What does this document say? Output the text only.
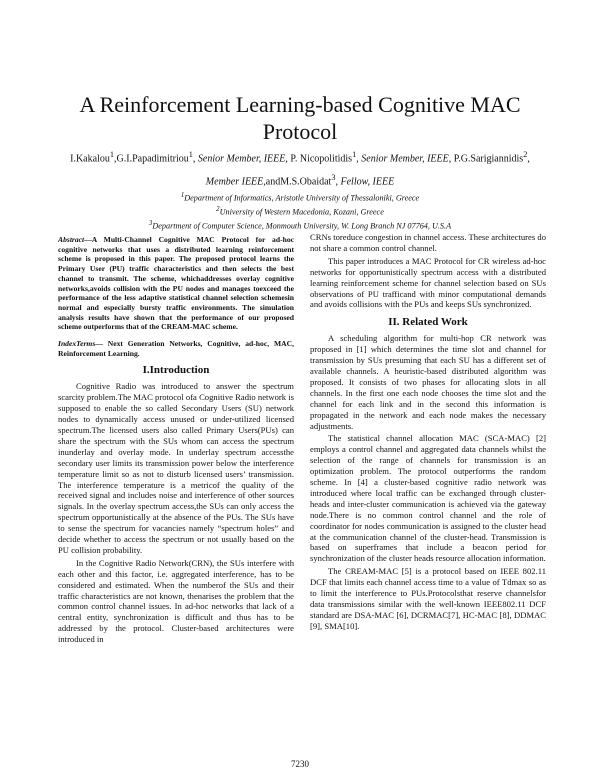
A Reinforcement Learning-based Cognitive MAC Protocol
I.Kakalou$^1$,G.I.Papadimitriou$^1$, Senior Member, IEEE, P. Nicopolitidis$^1$, Senior Member, IEEE, P.G.Sarigiannidis$^2$,
Member IEEE,andM.S.Obaidat$^3$, Fellow, IEEE
$^1$Department of Informatics, Aristotle University of Thessaloniki, Greece
$^2$University of Western Macedonia, Kozani, Greece
$^3$Department of Computer Science, Monmouth University, W. Long Branch NJ 07764, U.S.A

Abstract—A Multi-Channel Cognitive MAC Protocol for ad-hoc cognitive networks that uses a distributed learning reinforcement scheme is proposed in this paper. The proposed protocol learns the Primary User (PU) traffic characteristics and then selects the best channel to transmit. The scheme, whichaddresses overlay cognitive networks,avoids collision with the PU nodes and manages toexceed the performance of the less adaptive statistical channel selection schemesin normal and especially bursty traffic environments. The simulation analysis results have shown that the performance of our proposed scheme outperforms that of the CREAM-MAC scheme.

IndexTerms— Next Generation Networks, Cognitive, ad-hoc, MAC, Reinforcement Learning.

I.Introduction

Cognitive Radio was introduced to answer the spectrum scarcity problem.The MAC protocol ofa Cognitive Radio network is supposed to enable the so called Secondary Users (SU) network nodes to dynamically access unused or under-utilized licensed spectrum.The licensed users also called Primary Users(PUs) can share the spectrum with the SUs whom can access the spectrum inunderlay and overlay mode. In underlay spectrum accessthe secondary user limits its transmission power below the interference temperature limit so as not to disturb licensed users’ transmission. The interference temperature is a metricof the quality of the received signal and includes noise and interference of other sources signals. In the overlay spectrum access,the SUs can only access the spectrum opportunistically at the absence of the PUs. The SUs have to sense the spectrum for vacancies namely “spectrum holes” and decide whether to access the spectrum or not usually based on the PU collision probability.

In the Cognitive Radio Network(CRN), the SUs interfere with each other and this factor, i.e. aggregated interference, has to be considered and estimated. When the numberof the SUs and their traffic characteristics are not known, thenarises the problem that the common control channel issues. In ad-hoc networks that lack of a central entity, synchronization is difficult and thus has to be addressed by the protocol. Cluster-based architectures were introduced in

CRNs toreduce congestion in channel access. These architectures do not share a common control channel.

This paper introduces a MAC Protocol for CR wireless ad-hoc networks for opportunistically spectrum access with a distributed learning reinforcement scheme for channel selection based on SUs observations of PU trafficand with minor computational demands and avoids collisions with the PUs and keeps SUs synchronized.

II. Related Work

A scheduling algorithm for multi-hop CR network was proposed in [1] which determines the time slot and channel for transmission by SUs presuming that each SU has a different set of available channels. A heuristic-based distributed algorithm was proposed. It consists of two phases for allocating slots in all channels. In the first one each node chooses the time slot and the channel for each link and in the second this information is propagated in the network and each node makes the necessary adjustments.

The statistical channel allocation MAC (SCA-MAC) [2] employs a control channel and aggregated data channels whilst the selection of the range of channels for transmission is an optimization problem. The protocol outperforms the random scheme. In [4] a cluster-based cognitive radio network was introduced where local traffic can be exchanged through cluster-heads and inter-cluster communication is achieved via the gateway node.There is no common control channel and the role of coordinator for nodes communication is assigned to the cluster head at the communication channel of the cluster-head. Transmission is based on superframes that include a beacon period for synchronization of the cluster heads resource allocation information.

The CREAM-MAC [5] is a protocol based on IEEE 802.11 DCF that limits each channel access time to a value of Tdmax so as to limit the interference to PUs.Protocolsthat reserve channelsfor data transmissions similar with the well-known IEEE802.11 DCF standard are DSA-MAC [6], DCRMAC[7], HC-MAC [8], DDMAC [9], SMA[10].

7230
